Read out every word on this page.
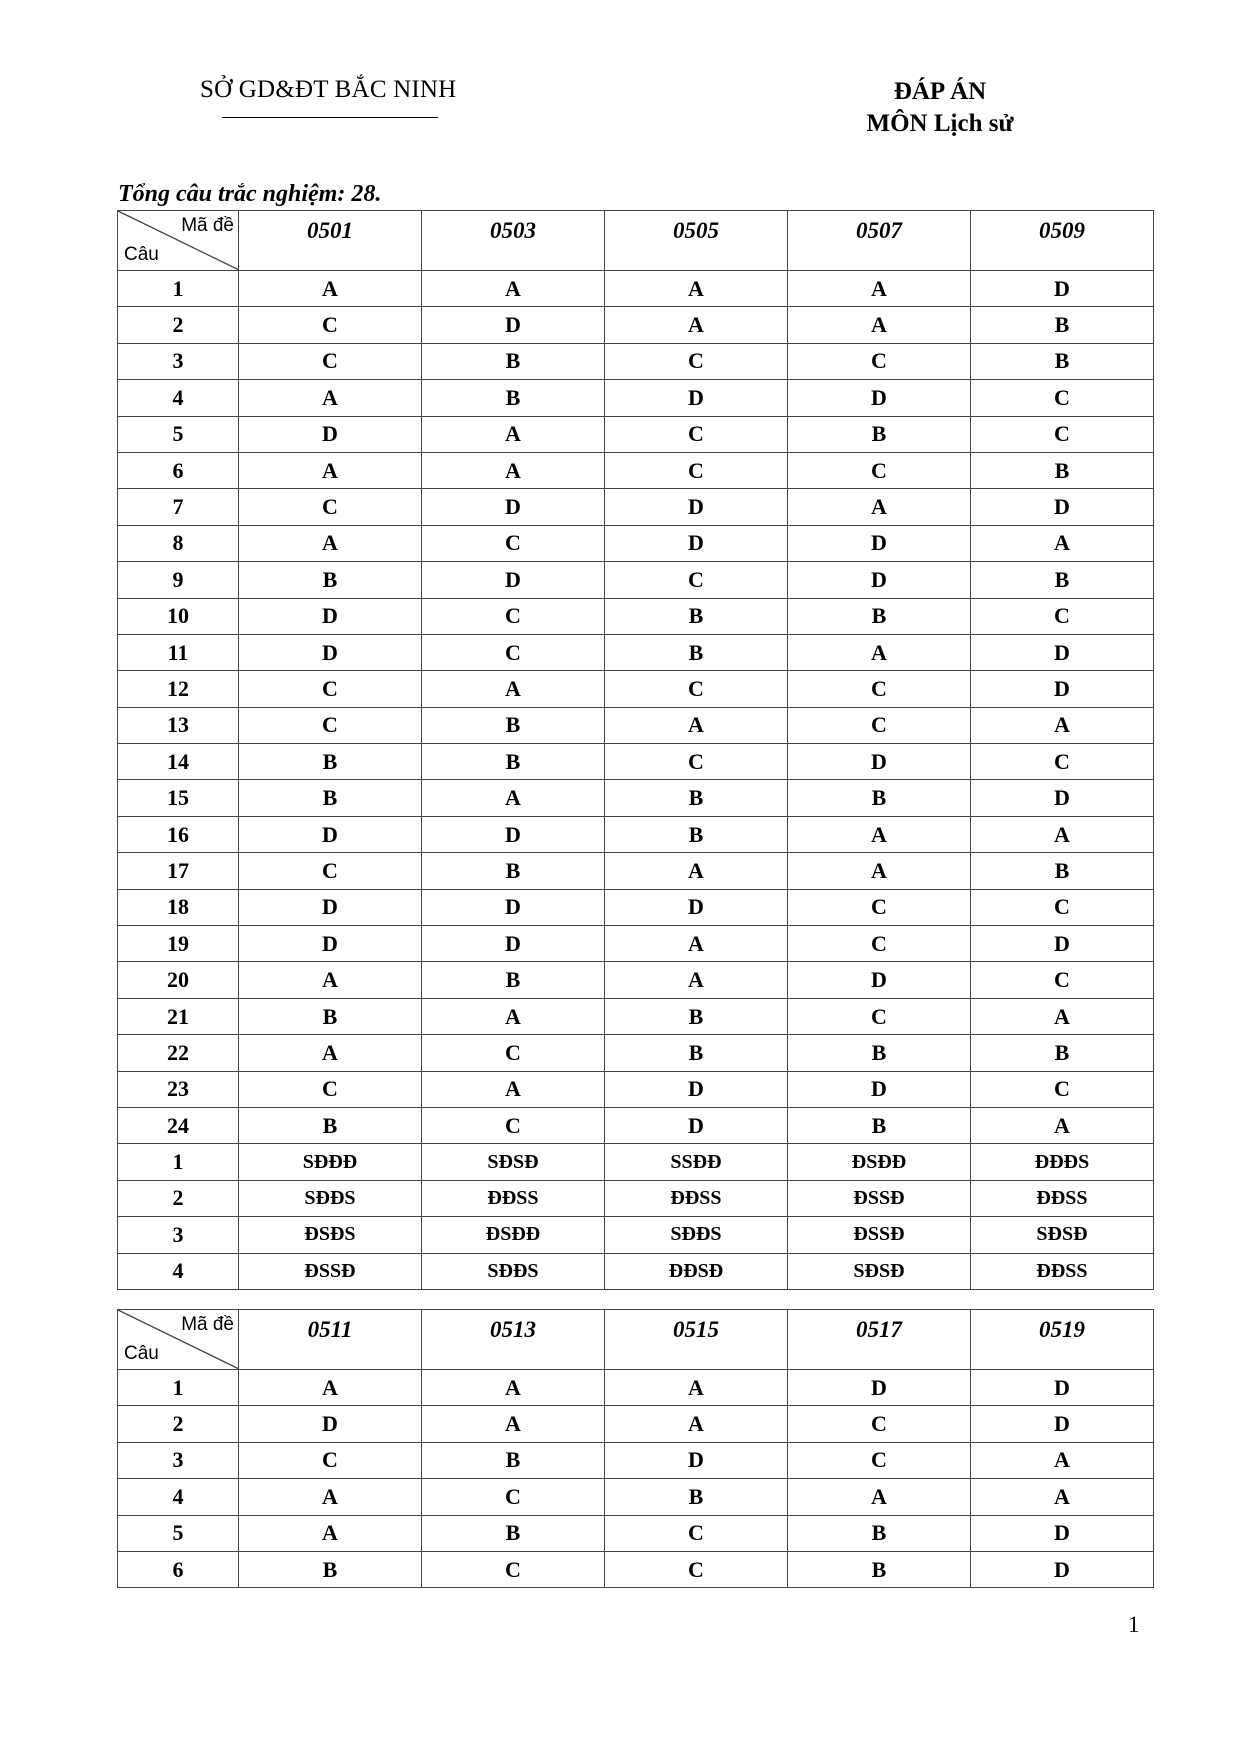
SỞ GD&ĐT BẮC NINH	ĐÁP ÁN
MÔN Lịch sử
Tổng câu trắc nghiệm: 28.
Mã đề
Câu	0501	0503	0505	0507	0509
1	A	A	A	A	D
2	C	D	A	A	B
3	C	B	C	C	B
4	A	B	D	D	C
5	D	A	C	B	C
6	A	A	C	C	B
7	C	D	D	A	D
8	A	C	D	D	A
9	B	D	C	D	B
10	D	C	B	B	C
11	D	C	B	A	D
12	C	A	C	C	D
13	C	B	A	C	A
14	B	B	C	D	C
15	B	A	B	B	D
16	D	D	B	A	A
17	C	B	A	A	B
18	D	D	D	C	C
19	D	D	A	C	D
20	A	B	A	D	C
21	B	A	B	C	A
22	A	C	B	B	B
23	C	A	D	D	C
24	B	C	D	B	A
1	SĐĐĐ	SĐSĐ	SSĐĐ	ĐSĐĐ	ĐĐĐS
2	SĐĐS	ĐĐSS	ĐĐSS	ĐSSĐ	ĐĐSS
3	ĐSĐS	ĐSĐĐ	SĐĐS	ĐSSĐ	SĐSĐ
4	ĐSSĐ	SĐĐS	ĐĐSĐ	SĐSĐ	ĐĐSS
Mã đề
Câu	0511	0513	0515	0517	0519
1	A	A	A	D	D
2	D	A	A	C	D
3	C	B	D	C	A
4	A	C	B	A	A
5	A	B	C	B	D
6	B	C	C	B	D
1
